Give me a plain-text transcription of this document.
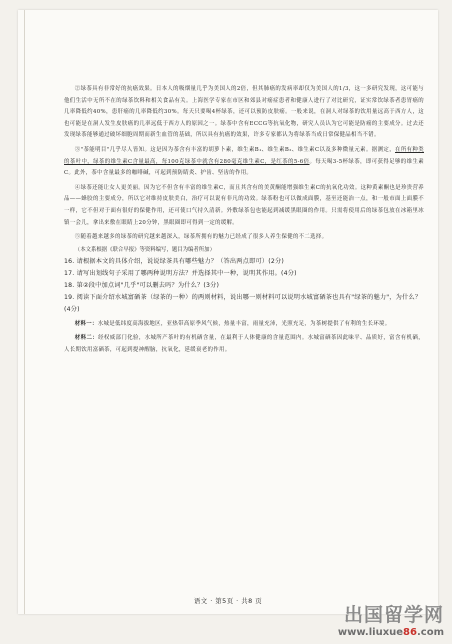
②绿茶具有非常好的抗癌效果。日本人的吸烟量几乎为美国人的2倍，但其肺癌的发病率却仅为美国人的1/3，这一多研究发现，这可能与他们生活中无所不在的绿茶饮料和相关食品有关。上海医学专家在市区和郊县对癌症患者和健康人进行了对比研究，证实常饮绿茶者患胃癌的几率降低约40%，患肝癌的几率降低约30%。每天只要喝4杯绿茶，还可以预防皮肤癌。一般来说，在洞人对绿茶的饮用量远高于西方人，这也可能是在洞人发生皮肤癌的几率远低于西方人的原因之一。绿茶中含有ECCG等抗氧化物，研究人员认为它可能是防癌的主要成分。过去还发现绿茶能够通过破坏细胞周期而新生血管的基础，所以具有抗癌的效果，许多专家都认为将绿茶当成日常保健品相当不错。

③"茶能明目"几乎尽人皆知。这是因为茶含有丰富的胡萝卜素，维生素B₁、维生素B₂、维生素C以及多种微量元素。据测定，在所有种类的茶叶中，绿茶的维生素C含量最高，每100克绿茶中就含有280毫克维生素C，是红茶的5-6倍。每天喝3-5杯绿茶，即可获得足够的维生素C。此外，茶中含量最多的咖啡碱，可起到预防睛炎、护齿、坚齿的作用。

④绿茶还能让女人更美丽。因为它不但含有丰富的维生素C，而且其含有的美黄酮能增强维生素C的抗氧化功效。这种黄素酮也是珍贵营养品——蜂胶的主要成分，所以它对维持皮肤美白，治疗可以说有非凡的功效。绿茶粉也可以做成面膜，基至还能治一点，和一般市面上面膜不一样，它不但对于面有很好的保健作用，还可使口气持久清新。外敷绿茶包也能起到减缓黑眼圈的作用。只需将使用后的绿茶包放在冰箱里冰镇一会儿，拿出来敷在眼睛上20分钟，黑眼圈即可得到一定的缓解。

⑤随着越来越多的绿茶的研究越来越深入，绿茶所拥有的魅力已经成了很多人养生保健的不二选择。

（本文系根据《联合早报》等资料编写，题目为编者所加）

16. 请根据本文的具体介绍，说说绿茶具有哪些魅力？（答出两点即可）(2分)

17. 请写出划线句子采用了哪两种说明方法？并选择其中一种，说明其作用。(4分)

18. 第②段中加点词"几乎"可以删去吗？为什么？(3分)

19. 阅读下面介绍水城富硒茶（绿茶的一种）的两则材料，说出哪一则材料可以说明水城富硒茶也具有"绿茶的魅力"，为什么？(4分)

材料一：水城是低纬度高海拔地区，亚热带高原季风气候，热量丰富，雨量充沛，光照充足，为茶树提供了有利的生长环境。

材料二：经权威部门化验，水城所产茶叶的有机硒含量，在最利于人体健康的含量范围内。水城富硒茶因此味平、品质好，富含有机硒，人长期饮用富硒茶，可起到提神醒脑，抗氧化，延缓衰老的作用。

语文 · 第5页 · 共8 页
出国留学网
www.liuxue86.com
